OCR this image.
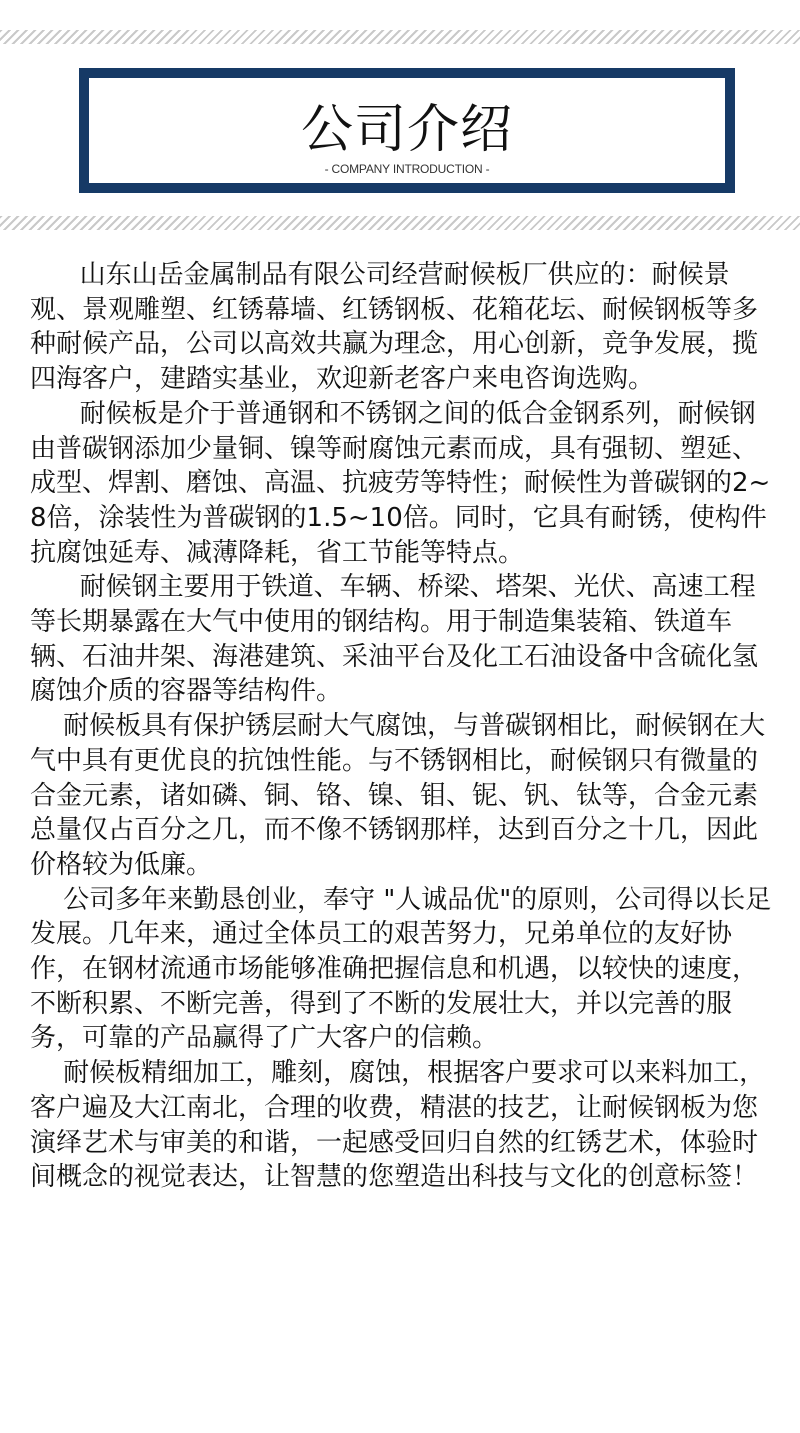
公司介绍
- COMPANY INTRODUCTION -

山东山岳金属制品有限公司经营耐候板厂供应的：耐候景观、景观雕塑、红锈幕墙、红锈钢板、花箱花坛、耐候钢板等多种耐候产品，公司以高效共赢为理念，用心创新，竞争发展，揽四海客户，建踏实基业，欢迎新老客户来电咨询选购。

耐候板是介于普通钢和不锈钢之间的低合金钢系列，耐候钢由普碳钢添加少量铜、镍等耐腐蚀元素而成，具有强韧、塑延、成型、焊割、磨蚀、高温、抗疲劳等特性；耐候性为普碳钢的2~8倍，涂装性为普碳钢的1.5~10倍。同时，它具有耐锈，使构件抗腐蚀延寿、减薄降耗，省工节能等特点。

耐候钢主要用于铁道、车辆、桥梁、塔架、光伏、高速工程等长期暴露在大气中使用的钢结构。用于制造集装箱、铁道车辆、石油井架、海港建筑、采油平台及化工石油设备中含硫化氢腐蚀介质的容器等结构件。

耐候板具有保护锈层耐大气腐蚀，与普碳钢相比，耐候钢在大气中具有更优良的抗蚀性能。与不锈钢相比，耐候钢只有微量的合金元素，诸如磷、铜、铬、镍、钼、铌、钒、钛等，合金元素总量仅占百分之几，而不像不锈钢那样，达到百分之十几，因此价格较为低廉。

公司多年来勤恳创业，奉守 "人诚品优"的原则，公司得以长足发展。几年来，通过全体员工的艰苦努力，兄弟单位的友好协作，在钢材流通市场能够准确把握信息和机遇，以较快的速度，不断积累、不断完善，得到了不断的发展壮大，并以完善的服务，可靠的产品赢得了广大客户的信赖。

耐候板精细加工，雕刻，腐蚀，根据客户要求可以来料加工，客户遍及大江南北，合理的收费，精湛的技艺，让耐候钢板为您演绎艺术与审美的和谐，一起感受回归自然的红锈艺术，体验时间概念的视觉表达，让智慧的您塑造出科技与文化的创意标签！
